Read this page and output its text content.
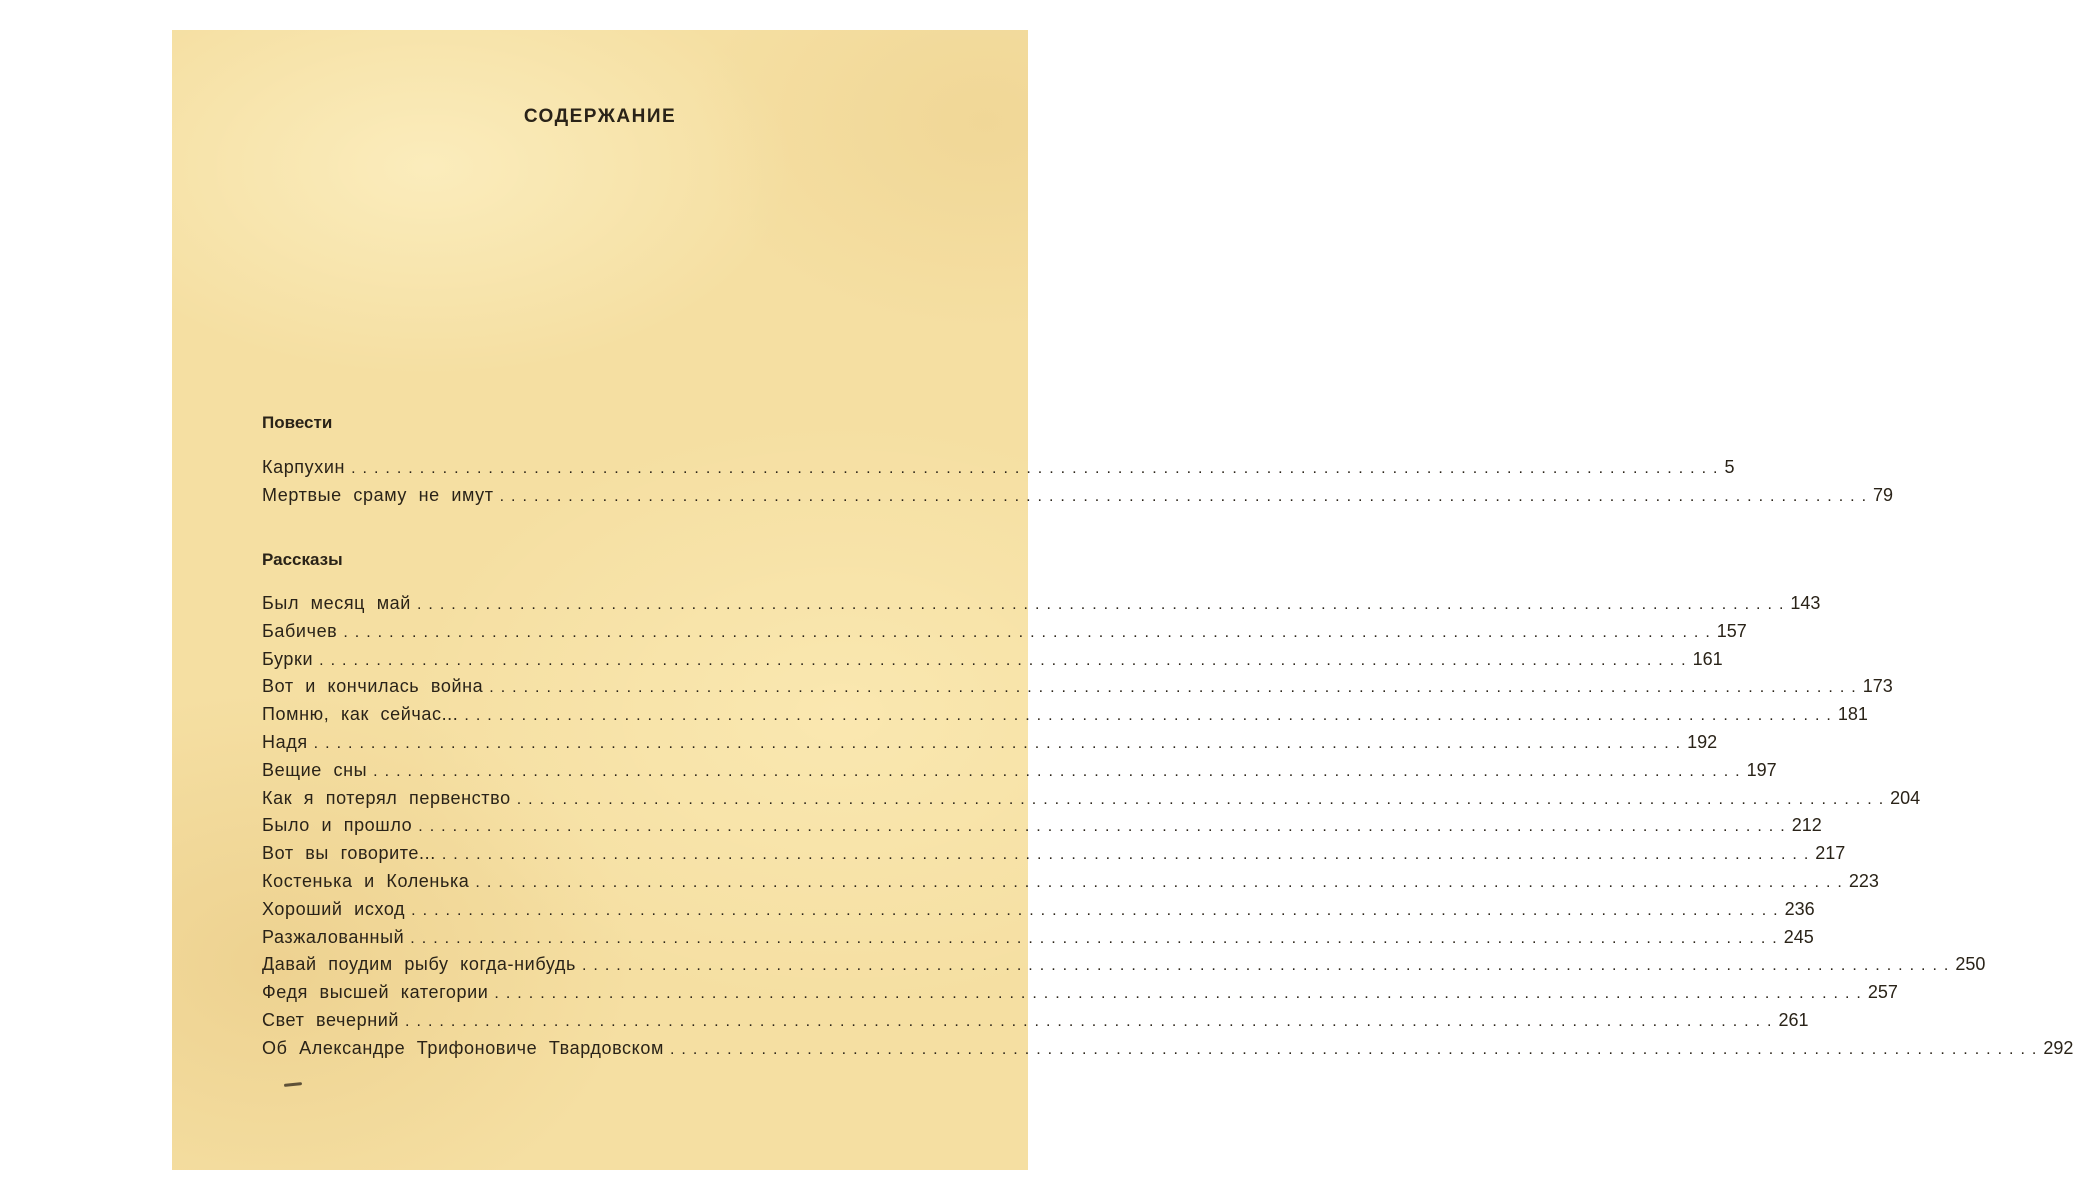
СОДЕРЖАНИЕ
Повести
Карпухин ........................................................................................................................ 5
Мертвые сраму не имут ........................................................................................................................ 79
Рассказы
Был месяц май ........................................................................................................................ 143
Бабичев ........................................................................................................................ 157
Бурки ........................................................................................................................ 161
Вот и кончилась война ........................................................................................................................ 173
Помню, как сейчас... ........................................................................................................................ 181
Надя ........................................................................................................................ 192
Вещие сны ........................................................................................................................ 197
Как я потерял первенство ........................................................................................................................ 204
Было и прошло ........................................................................................................................ 212
Вот вы говорите... ........................................................................................................................ 217
Костенька и Коленька ........................................................................................................................ 223
Хороший исход ........................................................................................................................ 236
Разжалованный ........................................................................................................................ 245
Давай поудим рыбу когда-нибудь ........................................................................................................................ 250
Федя высшей категории ........................................................................................................................ 257
Свет вечерний ........................................................................................................................ 261
Об Александре Трифоновиче Твардовском ........................................................................................................................ 292
